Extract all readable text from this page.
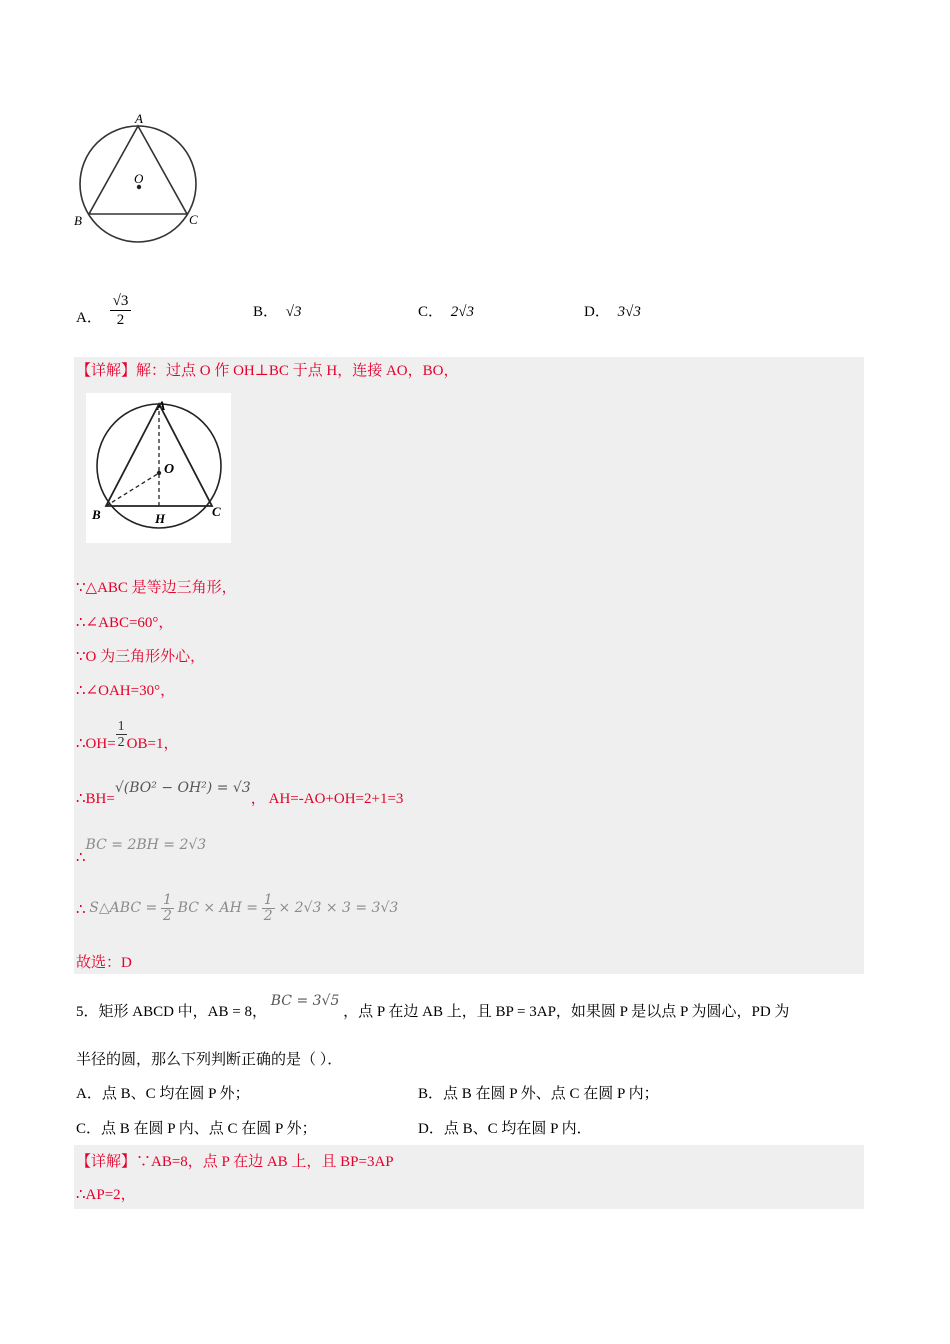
A
O
B	C
A． $\frac{√3}{2}$	B． √3	C． 2√3	D． 3√3
【详解】解：过点 O 作 OH⊥BC 于点 H，连接 AO，BO，
A
O
B	C
H
∵△ABC 是等边三角形，
∴∠ABC=60°，
∵O 为三角形外心，
∴∠OAH=30°，
∴OH= $\frac{1}{2} OB=1$，
∴BH=√(BO² − OH²) = √3， AH=-AO+OH=2+1=3
∴BC = 2BH = 2√3
∴ S△ABC = $\frac{1}{2}$ BC × AH = $\frac{1}{2} \times 2√3 \times 3 = 3√3$
故选：D
5．矩形 ABCD 中，AB = 8， BC = 3√5 ，点 P 在边 AB 上，且 BP = 3AP，如果圆 P 是以点 P 为圆心，PD 为
半径的圆，那么下列判断正确的是（ ）．
A．点 B、C 均在圆 P 外；	B．点 B 在圆 P 外、点 C 在圆 P 内；
C．点 B 在圆 P 内、点 C 在圆 P 外；	D．点 B、C 均在圆 P 内．
【详解】∵AB=8，点 P 在边 AB 上，且 BP=3AP
∴AP=2，
